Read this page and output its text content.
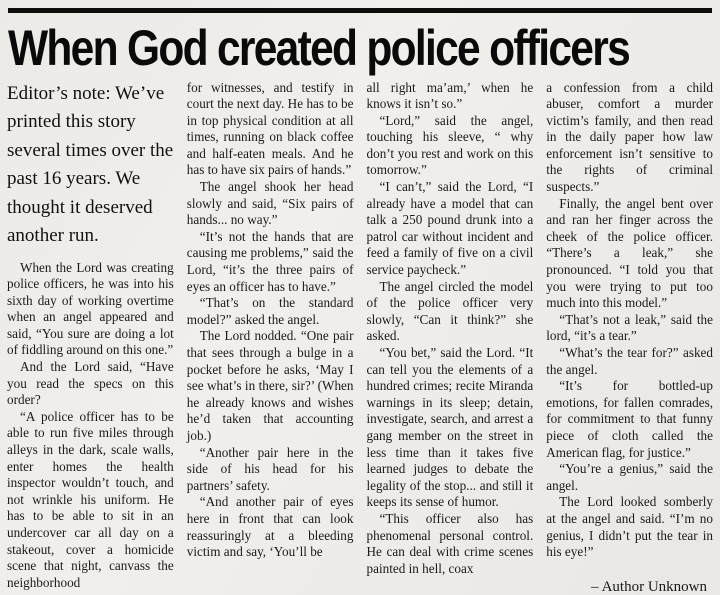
When God created police officers

Editor’s note: We’ve printed this story several times over the past 16 years. We thought it deserved another run.

When the Lord was creating police officers, he was into his sixth day of working overtime when an angel appeared and said, “You sure are doing a lot of fiddling around on this one.”

And the Lord said, “Have you read the specs on this order?

“A police officer has to be able to run five miles through alleys in the dark, scale walls, enter homes the health inspector wouldn’t touch, and not wrinkle his uniform. He has to be able to sit in an undercover car all day on a stakeout, cover a homicide scene that night, canvass the neighborhood

for witnesses, and testify in court the next day. He has to be in top physical condition at all times, running on black coffee and half-eaten meals. And he has to have six pairs of hands.”

The angel shook her head slowly and said, “Six pairs of hands... no way.”

“It’s not the hands that are causing me problems,” said the Lord, “it’s the three pairs of eyes an officer has to have.”

“That’s on the standard model?” asked the angel.

The Lord nodded. “One pair that sees through a bulge in a pocket before he asks, ‘May I see what’s in there, sir?’ (When he already knows and wishes he’d taken that accounting job.)

“Another pair here in the side of his head for his partners’ safety.

“And another pair of eyes here in front that can look reassuringly at a bleeding victim and say, ‘You’ll be

all right ma’am,’ when he knows it isn’t so.”

“Lord,” said the angel, touching his sleeve, “ why don’t you rest and work on this tomorrow.”

“I can’t,” said the Lord, “I already have a model that can talk a 250 pound drunk into a patrol car without incident and feed a family of five on a civil service paycheck.”

The angel circled the model of the police officer very slowly, “Can it think?” she asked.

“You bet,” said the Lord. “It can tell you the elements of a hundred crimes; recite Miranda warnings in its sleep; detain, investigate, search, and arrest a gang member on the street in less time than it takes five learned judges to debate the legality of the stop... and still it keeps its sense of humor.

“This officer also has phenomenal personal control. He can deal with crime scenes painted in hell, coax

a confession from a child abuser, comfort a murder victim’s family, and then read in the daily paper how law enforcement isn’t sensitive to the rights of criminal suspects.”

Finally, the angel bent over and ran her finger across the cheek of the police officer. “There’s a leak,” she pronounced. “I told you that you were trying to put too much into this model.”

“That’s not a leak,” said the lord, “it’s a tear.”

“What’s the tear for?” asked the angel.

“It’s for bottled-up emotions, for fallen comrades, for commitment to that funny piece of cloth called the American flag, for justice.”

“You’re a genius,” said the angel.

The Lord looked somberly at the angel and said. “I’m no genius, I didn’t put the tear in his eye!”

– Author Unknown
